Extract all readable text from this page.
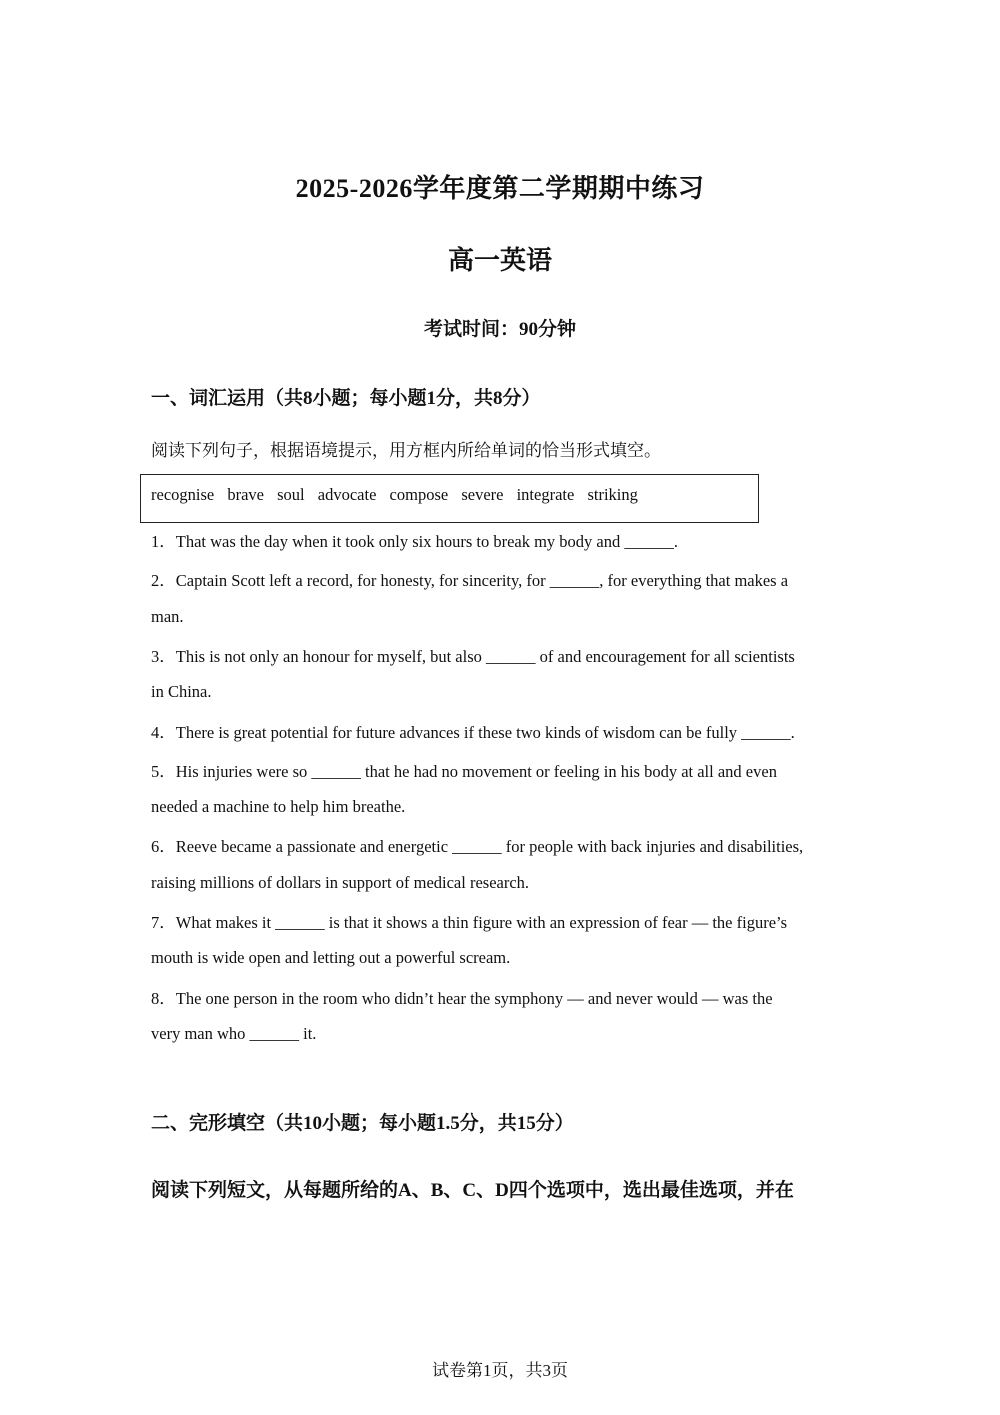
2025-2026学年度第二学期期中练习
高一英语
考试时间：90分钟
一、词汇运用（共8小题；每小题1分，共8分）
阅读下列句子，根据语境提示，用方框内所给单词的恰当形式填空。
recognise brave soul advocate compose severe integrate striking
1．That was the day when it took only six hours to break my body and ______.
2．Captain Scott left a record, for honesty, for sincerity, for ______, for everything that makes a
man.
3．This is not only an honour for myself, but also ______ of and encouragement for all scientists
in China.
4．There is great potential for future advances if these two kinds of wisdom can be fully ______.
5．His injuries were so ______ that he had no movement or feeling in his body at all and even
needed a machine to help him breathe.
6．Reeve became a passionate and energetic ______ for people with back injuries and disabilities,
raising millions of dollars in support of medical research.
7．What makes it ______ is that it shows a thin figure with an expression of fear — the figure’s
mouth is wide open and letting out a powerful scream.
8．The one person in the room who didn’t hear the symphony — and never would — was the
very man who ______ it.
二、完形填空（共10小题；每小题1.5分，共15分）
阅读下列短文，从每题所给的A、B、C、D四个选项中，选出最佳选项，并在
试卷第1页，共3页
